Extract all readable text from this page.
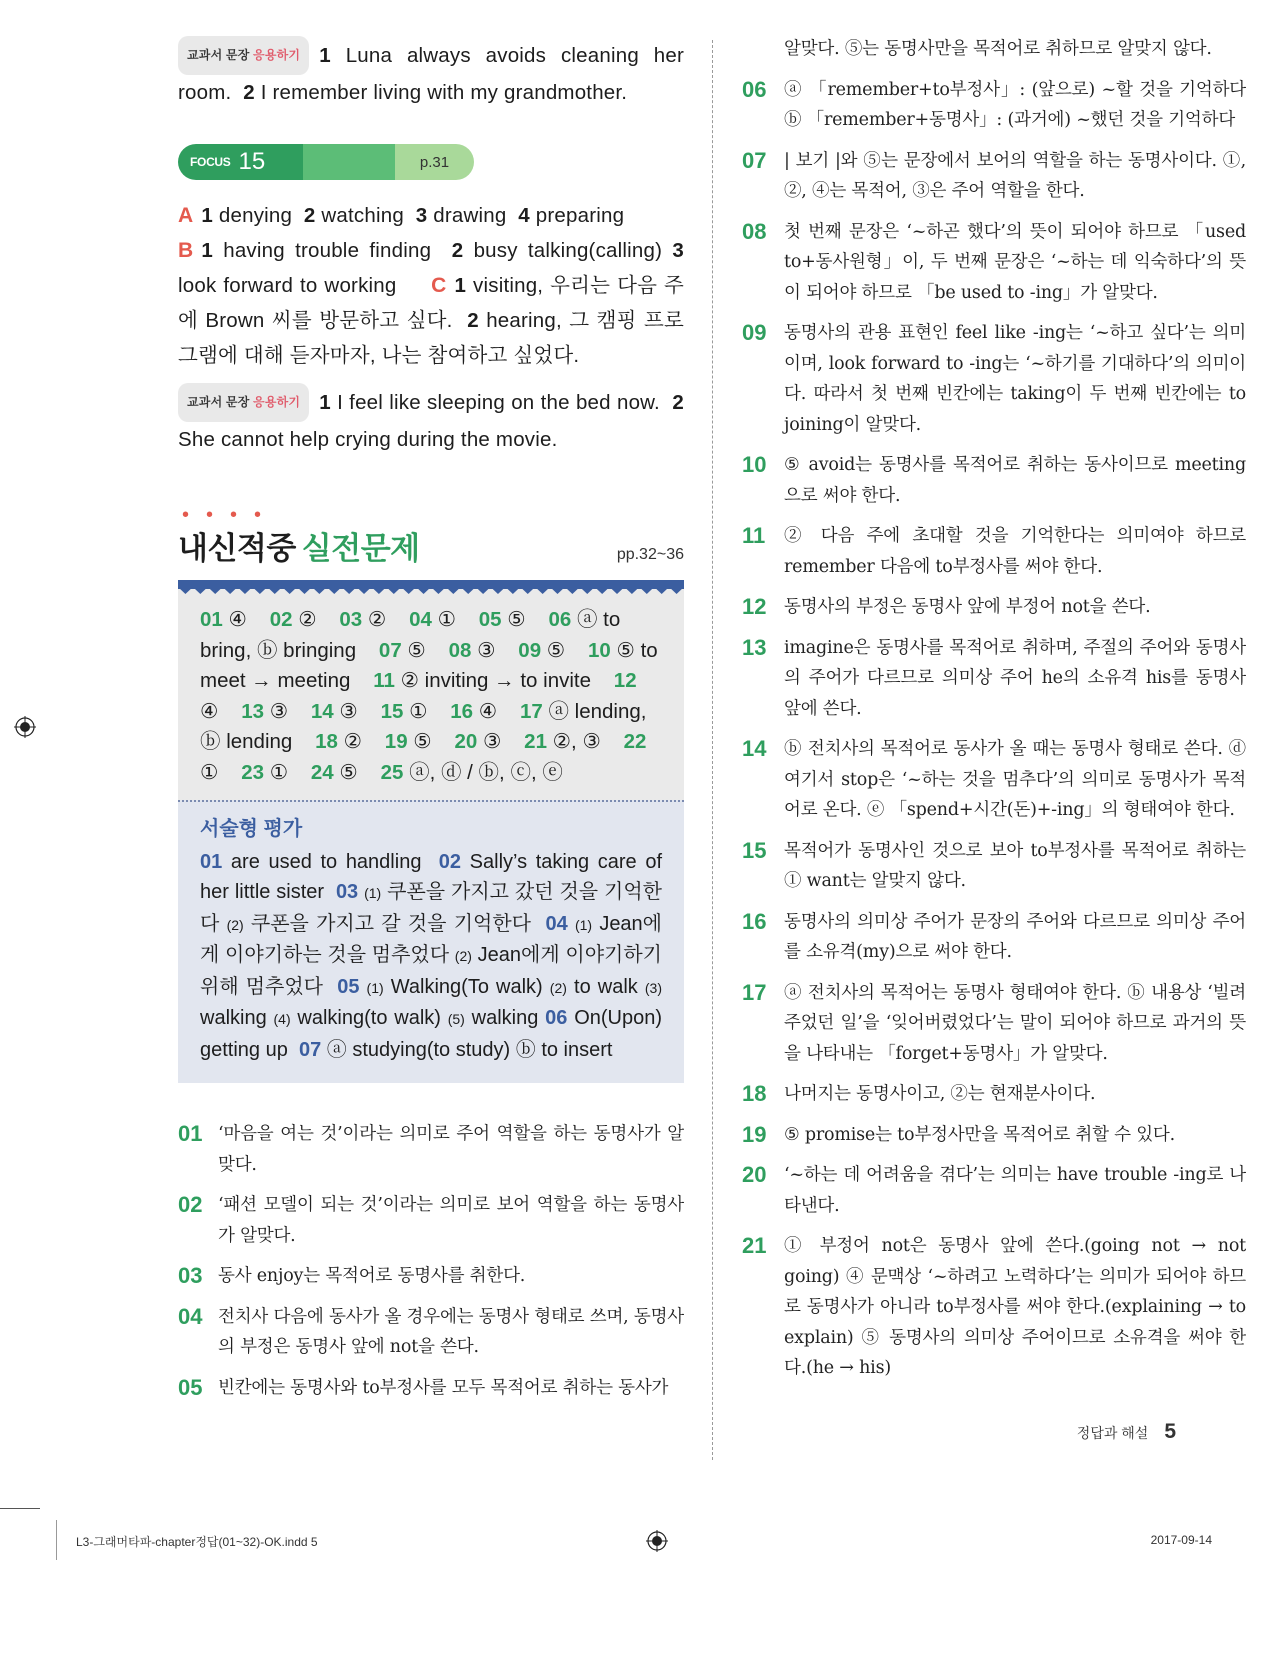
교과서 문장 응용하기 1 Luna always avoids cleaning her room. 2 I remember living with my grandmother.

FOCUS 15	p.31

A 1 denying 2 watching 3 drawing 4 preparing
B 1 having trouble finding 2 busy talking(calling) 3 look forward to working C 1 visiting, 우리는 다음 주에 Brown 씨를 방문하고 싶다. 2 hearing, 그 캠핑 프로그램에 대해 듣자마자, 나는 참여하고 싶었다.

교과서 문장 응용하기 1 I feel like sleeping on the bed now. 2 She cannot help crying during the movie.

••••
내신적중 실전문제	pp.32~36
01 ④ 02 ② 03 ② 04 ① 05 ⑤ 06 ⓐ to bring, ⓑ bringing 07 ⑤ 08 ③ 09 ⑤ 10 ⑤ to meet → meeting 11 ② inviting → to invite 12 ④ 13 ③ 14 ③ 15 ① 16 ④ 17 ⓐ lending, ⓑ lending 18 ② 19 ⑤ 20 ③ 21 ②, ③ 22 ① 23 ① 24 ⑤ 25 ⓐ, ⓓ / ⓑ, ⓒ, ⓔ
서술형 평가
01 are used to handling 02 Sally’s taking care of her little sister 03 (1) 쿠폰을 가지고 갔던 것을 기억한다 (2) 쿠폰을 가지고 갈 것을 기억한다 04 (1) Jean에게 이야기하는 것을 멈추었다 (2) Jean에게 이야기하기 위해 멈추었다 05 (1) Walking(To walk) (2) to walk (3) walking (4) walking(to walk) (5) walking 06 On(Upon) getting up 07 ⓐ studying(to study) ⓑ to insert
01 ‘마음을 여는 것’이라는 의미로 주어 역할을 하는 동명사가 알맞다.
02 ‘패션 모델이 되는 것’이라는 의미로 보어 역할을 하는 동명사가 알맞다.
03 동사 enjoy는 목적어로 동명사를 취한다.
04 전치사 다음에 동사가 올 경우에는 동명사 형태로 쓰며, 동명사의 부정은 동명사 앞에 not을 쓴다.
05 빈칸에는 동명사와 to부정사를 모두 목적어로 취하는 동사가
알맞다. ⑤는 동명사만을 목적어로 취하므로 알맞지 않다.
06	ⓐ 「remember+to부정사」: (앞으로) ~할 것을 기억하다 ⓑ 「remember+동명사」: (과거에) ~했던 것을 기억하다
07	| 보기 |와 ⑤는 문장에서 보어의 역할을 하는 동명사이다. ①, ②, ④는 목적어, ③은 주어 역할을 한다.
08	첫 번째 문장은 ‘~하곤 했다’의 뜻이 되어야 하므로 「used to+동사원형」이, 두 번째 문장은 ‘~하는 데 익숙하다’의 뜻이 되어야 하므로 「be used to -ing」가 알맞다.
09	동명사의 관용 표현인 feel like -ing는 ‘~하고 싶다’는 의미이며, look forward to -ing는 ‘~하기를 기대하다’의 의미이다. 따라서 첫 번째 빈칸에는 taking이 두 번째 빈칸에는 to joining이 알맞다.
10	⑤ avoid는 동명사를 목적어로 취하는 동사이므로 meeting으로 써야 한다.
11	② 다음 주에 초대할 것을 기억한다는 의미여야 하므로 remember 다음에 to부정사를 써야 한다.
12	동명사의 부정은 동명사 앞에 부정어 not을 쓴다.
13	imagine은 동명사를 목적어로 취하며, 주절의 주어와 동명사의 주어가 다르므로 의미상 주어 he의 소유격 his를 동명사 앞에 쓴다.
14	ⓑ 전치사의 목적어로 동사가 올 때는 동명사 형태로 쓴다. ⓓ 여기서 stop은 ‘~하는 것을 멈추다’의 의미로 동명사가 목적어로 온다. ⓔ 「spend+시간(돈)+-ing」의 형태여야 한다.
15	목적어가 동명사인 것으로 보아 to부정사를 목적어로 취하는 ① want는 알맞지 않다.
16	동명사의 의미상 주어가 문장의 주어와 다르므로 의미상 주어를 소유격(my)으로 써야 한다.
17	ⓐ 전치사의 목적어는 동명사 형태여야 한다. ⓑ 내용상 ‘빌려주었던 일’을 ‘잊어버렸었다’는 말이 되어야 하므로 과거의 뜻을 나타내는 「forget+동명사」가 알맞다.
18	나머지는 동명사이고, ②는 현재분사이다.
19	⑤ promise는 to부정사만을 목적어로 취할 수 있다.
20	‘~하는 데 어려움을 겪다’는 의미는 have trouble -ing로 나타낸다.
21	① 부정어 not은 동명사 앞에 쓴다.(going not → not going) ④ 문맥상 ‘~하려고 노력하다’는 의미가 되어야 하므로 동명사가 아니라 to부정사를 써야 한다.(explaining → to explain) ⑤ 동명사의 의미상 주어이므로 소유격을 써야 한다.(he → his)
정답과 해설 5
L3-그래머타파-chapter정답(01~32)-OK.indd 5	2017-09-14
